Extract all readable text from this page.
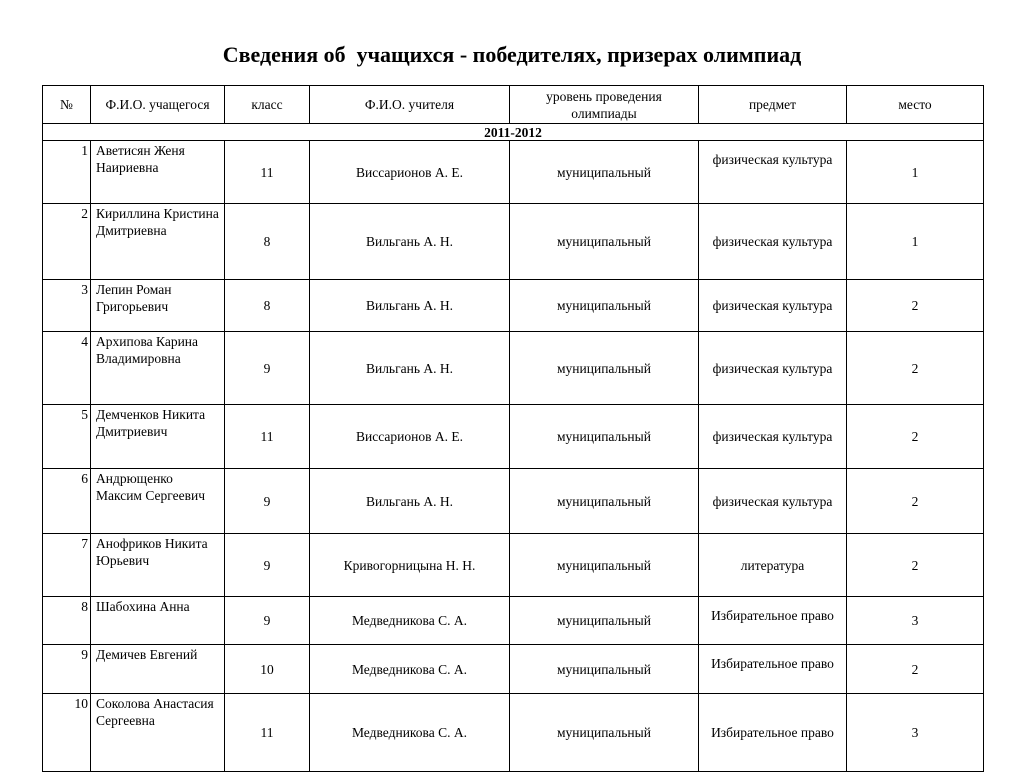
Сведения об  учащихся - победителях, призерах олимпиад
№	Ф.И.О. учащегося	класс	Ф.И.О. учителя	уровень проведения олимпиады	предмет	место
2011-2012						
1	Аветисян Женя Наириевна	11	Виссарионов А. Е.	муниципальный	физическая культура	1
2	Кириллина Кристина Дмитриевна	8	Вильгань А. Н.	муниципальный	физическая культура	1
3	Лепин Роман Григорьевич	8	Вильгань А. Н.	муниципальный	физическая культура	2
4	Архипова Карина Владимировна	9	Вильгань А. Н.	муниципальный	физическая культура	2
5	Демченков Никита Дмитриевич	11	Виссарионов А. Е.	муниципальный	физическая культура	2
6	Андрющенко Максим Сергеевич	9	Вильгань А. Н.	муниципальный	физическая культура	2
7	Анофриков Никита Юрьевич	9	Кривогорницына Н. Н.	муниципальный	литература	2
8	Шабохина Анна	9	Медведникова С. А.	муниципальный	Избирательное право	3
9	Демичев Евгений	10	Медведникова С. А.	муниципальный	Избирательное право	2
10	Соколова Анастасия Сергеевна	11	Медведникова С. А.	муниципальный	Избирательное право	3
